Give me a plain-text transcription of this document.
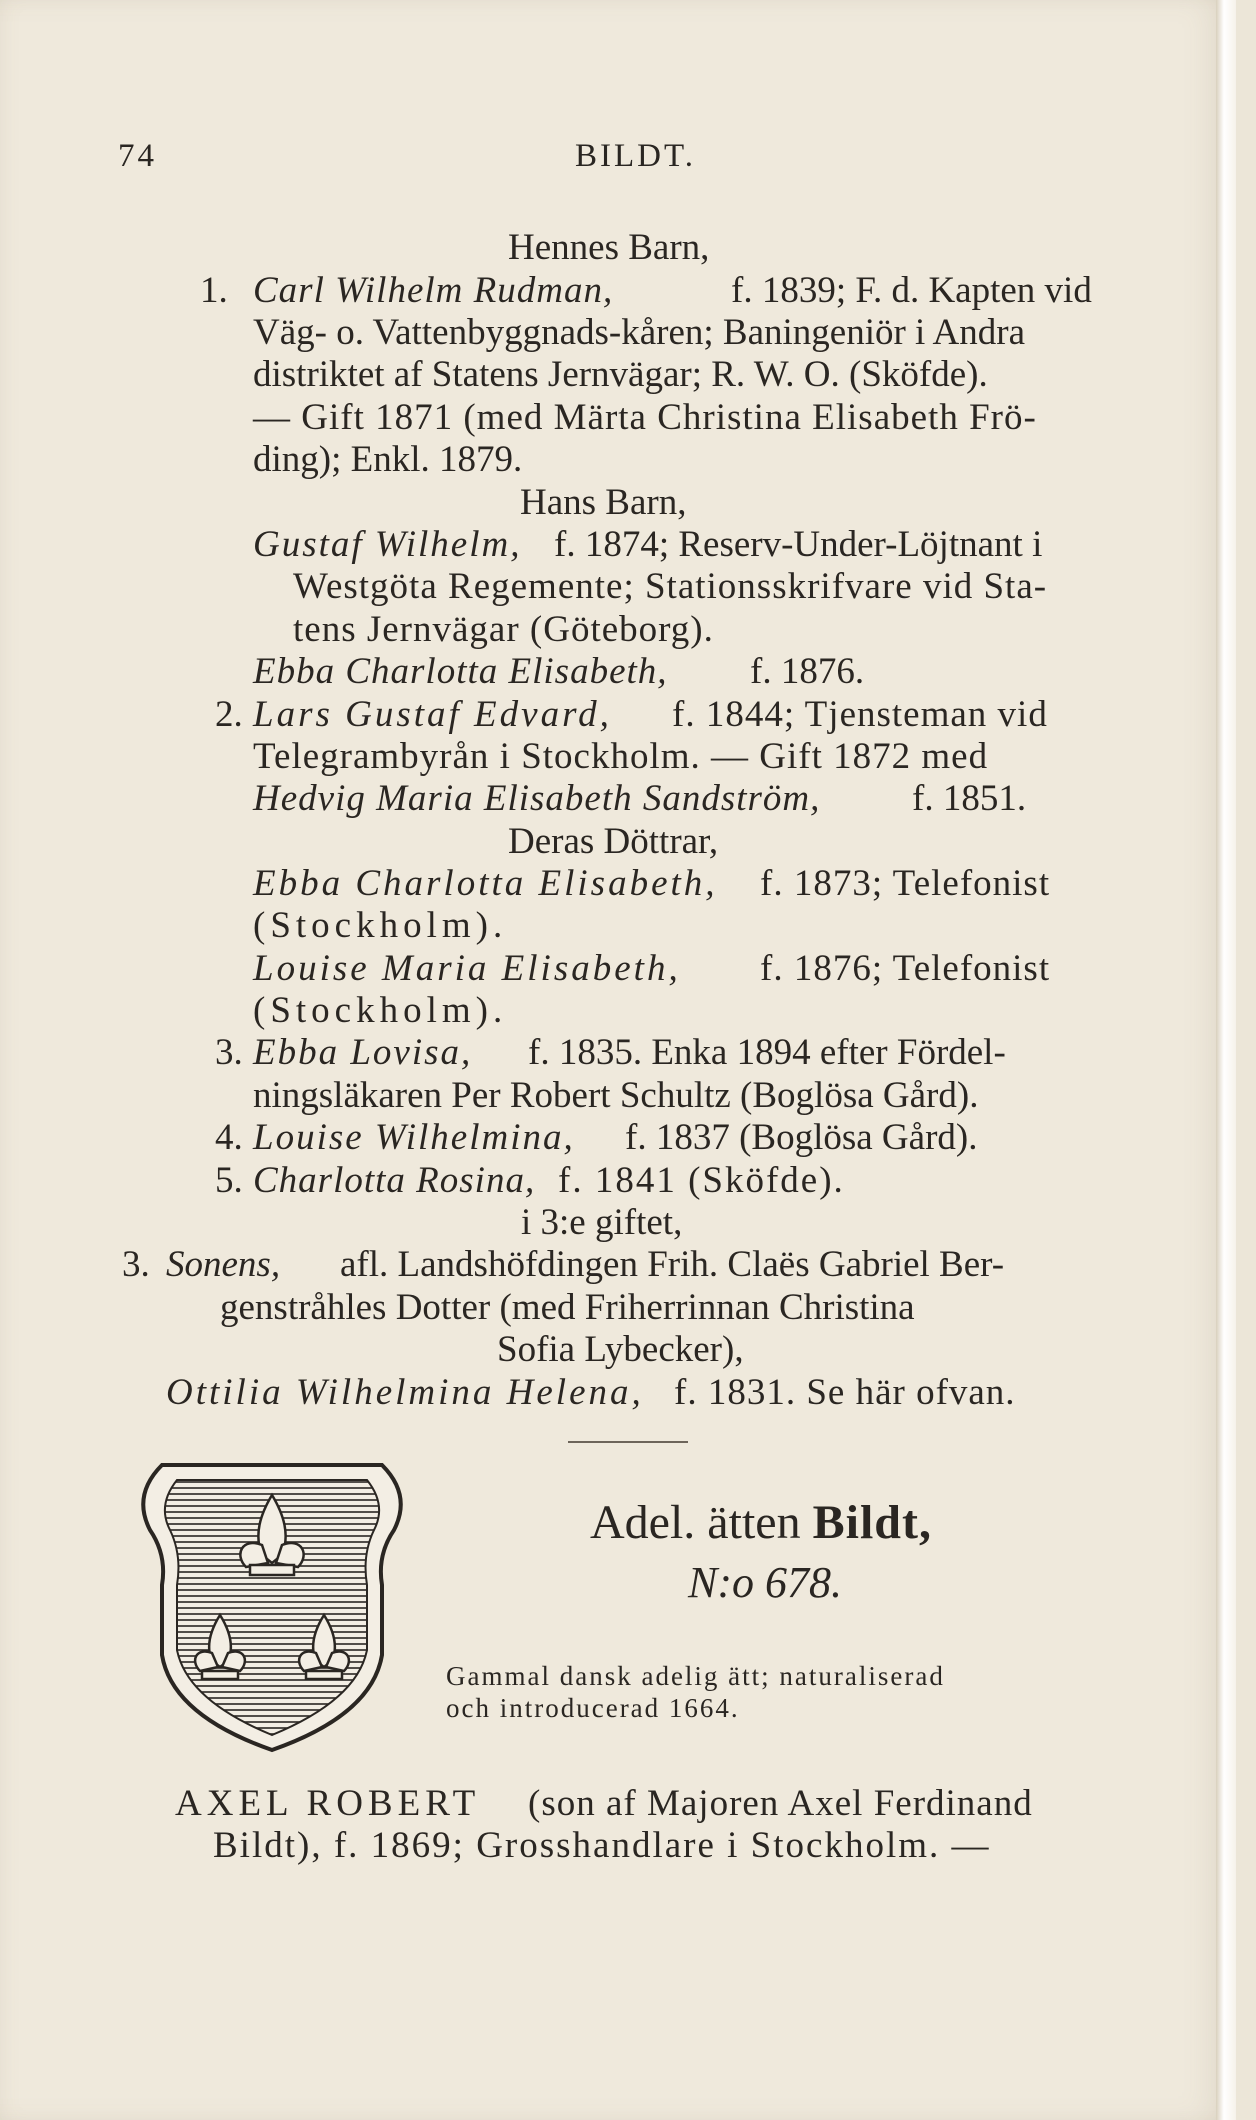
74	BILDT.
Hennes Barn,
1. Carl Wilhelm Rudman,	f. 1839; F. d. Kapten vid
Väg- o. Vattenbyggnads-kåren; Baningeniör i Andra
distriktet af Statens Jernvägar; R. W. O. (Sköfde).
— Gift 1871 (med Märta Christina Elisabeth Frö-
ding); Enkl. 1879.
Hans Barn,
Gustaf Wilhelm, f. 1874; Reserv-Under-Löjtnant i
Westgöta Regemente; Stationsskrifvare vid Sta-
tens Jernvägar (Göteborg).
Ebba Charlotta Elisabeth, f. 1876.
2. Lars Gustaf Edvard, f. 1844; Tjensteman vid
Telegrambyrån i Stockholm. — Gift 1872 med
Hedvig Maria Elisabeth Sandström, f. 1851.
Deras Döttrar,
Ebba Charlotta Elisabeth, f. 1873; Telefonist
(Stockholm).
Louise Maria Elisabeth, f. 1876; Telefonist
(Stockholm).
3. Ebba Lovisa, f. 1835. Enka 1894 efter Fördel-
ningsläkaren Per Robert Schultz (Boglösa Gård).
4. Louise Wilhelmina, f. 1837 (Boglösa Gård).
5. Charlotta Rosina, f. 1841 (Sköfde).
i 3:e giftet,
3. Sonens, afl. Landshöfdingen Frih. Claës Gabriel Ber-
genstråhles Dotter (med Friherrinnan Christina
Sofia Lybecker),
Ottilia Wilhelmina Helena, f. 1831. Se här ofvan.
Adel. ätten Bildt,
N:o 678.
Gammal dansk adelig ätt; naturaliserad
och introducerad 1664.
AXEL ROBERT (son af Majoren Axel Ferdinand
Bildt), f. 1869; Grosshandlare i Stockholm. —
